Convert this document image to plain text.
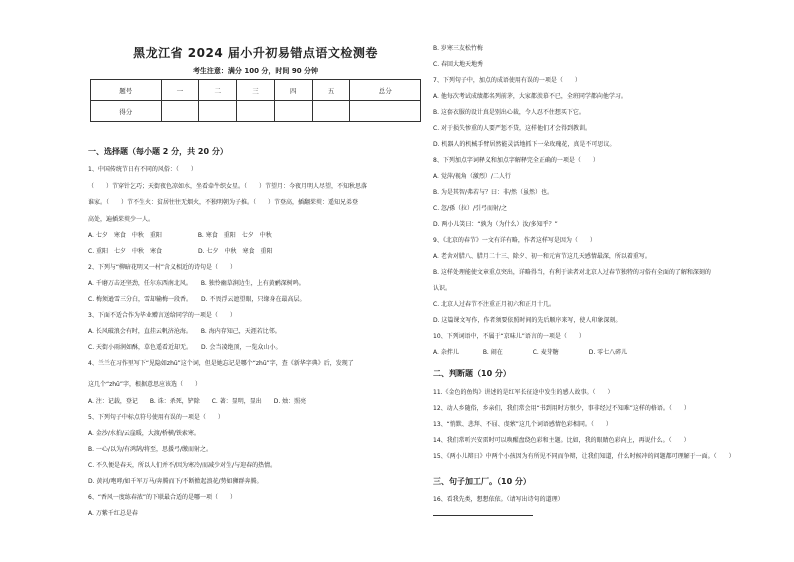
黑龙江省 2024 届小升初易错点语文检测卷
考生注意：满分 100 分，时间 90 分钟
题号	一	二	三	四	五	总分
得分						
一、选择题（每小题 2 分，共 20 分）
1、中国传统节日有不同的风俗：（　　）
（　　）节穿针乞巧；天街夜色凉如水，坐看牵牛织女星。（　　）节望月：今夜月明人尽望，不知秋思落
谁家。（　　）节不生火：贫居往往无烟火，不独明朝为子推。（　　）节登高，插翻茱萸：遥知兄弟登
高处，遍插茱萸少一人。
A. 七夕　寒食　中秋　重阳　　　　　　B. 寒食　重阳　七夕　中秋
C. 重阳　七夕　中秋　寒食　　　　　　D. 七夕　中秋　寒食　重阳
2、下列与“柳暗花明又一村”含义相近的诗句是（　　）
A. 千磨万击还坚劲，任尔东西南北风。　　B. 独怜幽草涧边生，上有黄鹂深树鸣。
C. 梅须逊雪三分白，雪却输梅一段香。　　D. 不畏浮云遮望眼，只缘身在最高层。
3、下面不适合作为毕业赠言送给同学的一项是（　　）
A. 长风破浪会有时，直挂云帆济沧海。　　B. 海内存知己，天涯若比邻。
C. 天街小雨润如酥，草色遥看近却无。　　D. 会当凌绝顶，一览众山小。
4、兰兰在习作里写下“见隐如zhū”这个词，但是她忘记是哪个“zhū”字，查《新华字典》后，发现了
这几个“zhū”字，根据意思应该选（　　）
A. 注：记载，登记　　B. 诛：杀死，铲除　　C. 著：显明，显出　　D. 烛：照亮
5、下列句子中标点符号使用有误的一项是（　　）
A. 金沙/水拍/云崖暖，大渡/桥横/铁索寒。
B. 一心/以为/有鸿鹄/将至，思援弓/缴而射之。
C. 不久便是春天，所以人们并不/因为寒冷/而减少对生/与迎春的热情。
D. 黄河/咆哮/如千军万马/奔腾而下/不断掀起浪花/势如狮群奔腾。
6、“香风一度练春浓”的下联最合适的是哪一项（　　）
A. 万紫千红总是春
B. 岁寒三友松竹梅
C. 春回大地天地秀
7、下列句子中，加点的成语使用有误的一项是（　　）
A. 他每次考试成绩都名列前茅，大家都羡慕不已，全班同学都向他学习。
B. 这套衣服的设计真是别出心裁，令人忍不住想买下它。
C. 对于损失惨重的人要严惩不贷，这样他们才会得到教训。
D. 机器人的机械手臂居然能灵活地抓下一朵玫瑰花，真是不可思议。
8、下列加点字词释义和加点字解释完全正确的一项是（　　）
A. 觉萍/视角（激烈）/二人行
B. 为是其智/弗若与？曰：非/然（虽然）也。
C. 忽/孫（拉）/引弓而射/之
D. 两小儿笑曰：“孰为（为什么）汝/多知乎？”
9、《北京的春节》一文有详有略，作者这样写是因为（　　）
A. 老舍对腊八、腊月二十三、除夕、初一和元宵节这几天感情最深，所以着重写。
B. 这样处理能使文章重点突出，详略得当，有利于读者对北京人过春节独特的习俗有全面的了解和深刻的
认识。
C. 北京人过春节不注重正月初六和正月十几。
D. 这篇课文写作，作者须要依照时间的先后顺序来写，使人印象深刻。
10、下列词语中，不属于“京味儿”语言的一项是（　　）
A. 杂拌儿　　　　B. 闹在　　　　　C. 麦芽糖　　　　　D. 零七八碎儿
二、判断题（10 分）
11.《金色的鱼钩》讲述的是红军长征途中发生的感人故事。（　　）
12、动人乡随俗，乡亲们，我们常会用“书到用时方恨少，事非经过不知难”这样的格语。（　　）
13、“悄默、悲拜、不屈、虔萦”这几个词语感情色彩相同。（　　）
14、我们常听兴安雷时可以唤醒盘绕色彩和主题。比如，我的眼睛色彩向上，再说什么。（　　）
15、《两小儿辩日》中两个小孩因为有所见不同而争辩，让我们知道，什么时候冲的问题都可理解于一面。（　　）
三、句子加工厂。（10 分）
16、看我先类，想想依依。（请写出诗句的道理）
